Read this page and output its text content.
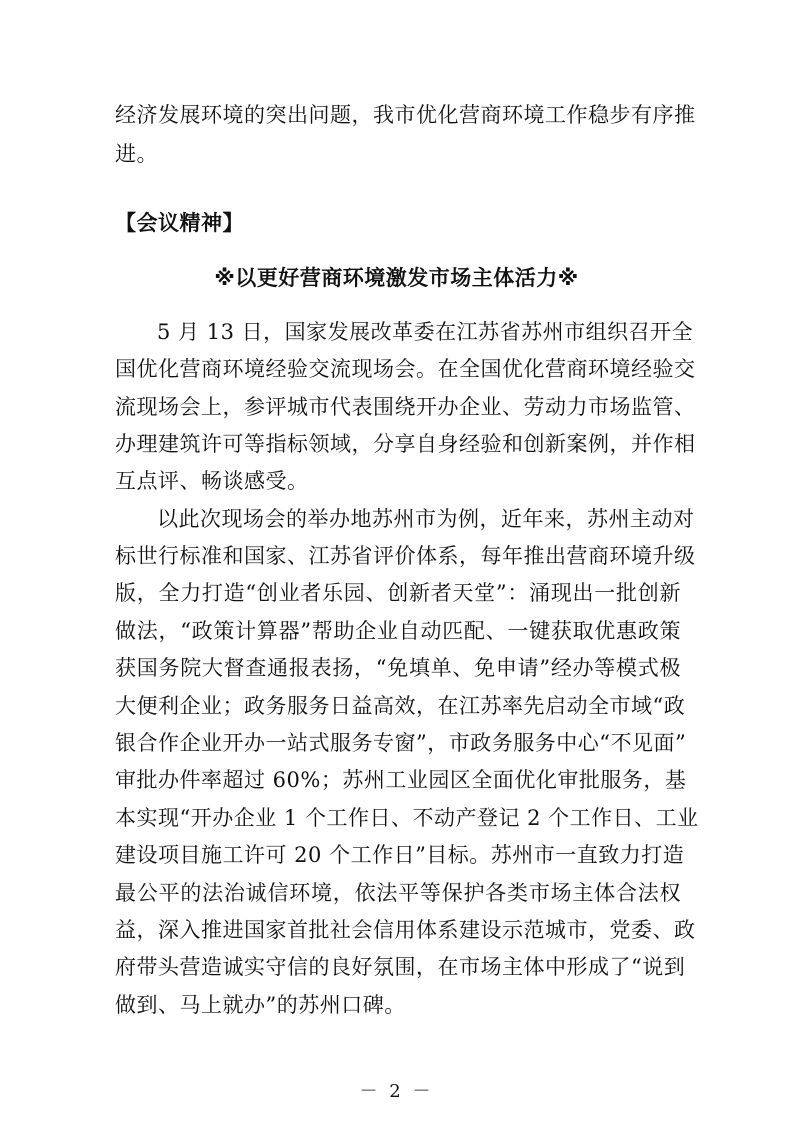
经济发展环境的突出问题，我市优化营商环境工作稳步有序推
进。
【会议精神】
※以更好营商环境激发市场主体活力※
5 月 13 日，国家发展改革委在江苏省苏州市组织召开全
国优化营商环境经验交流现场会。在全国优化营商环境经验交
流现场会上，参评城市代表围绕开办企业、劳动力市场监管、
办理建筑许可等指标领域，分享自身经验和创新案例，并作相
互点评、畅谈感受。
以此次现场会的举办地苏州市为例，近年来，苏州主动对
标世行标准和国家、江苏省评价体系，每年推出营商环境升级
版，全力打造“创业者乐园、创新者天堂”：涌现出一批创新
做法，“政策计算器”帮助企业自动匹配、一键获取优惠政策
获国务院大督查通报表扬，“免填单、免申请”经办等模式极
大便利企业；政务服务日益高效，在江苏率先启动全市域“政
银合作企业开办一站式服务专窗”，市政务服务中心“不见面”
审批办件率超过 60%；苏州工业园区全面优化审批服务，基
本实现“开办企业 1 个工作日、不动产登记 2 个工作日、工业
建设项目施工许可 20 个工作日”目标。苏州市一直致力打造
最公平的法治诚信环境，依法平等保护各类市场主体合法权
益，深入推进国家首批社会信用体系建设示范城市，党委、政
府带头营造诚实守信的良好氛围，在市场主体中形成了“说到
做到、马上就办”的苏州口碑。
－ 2 －
